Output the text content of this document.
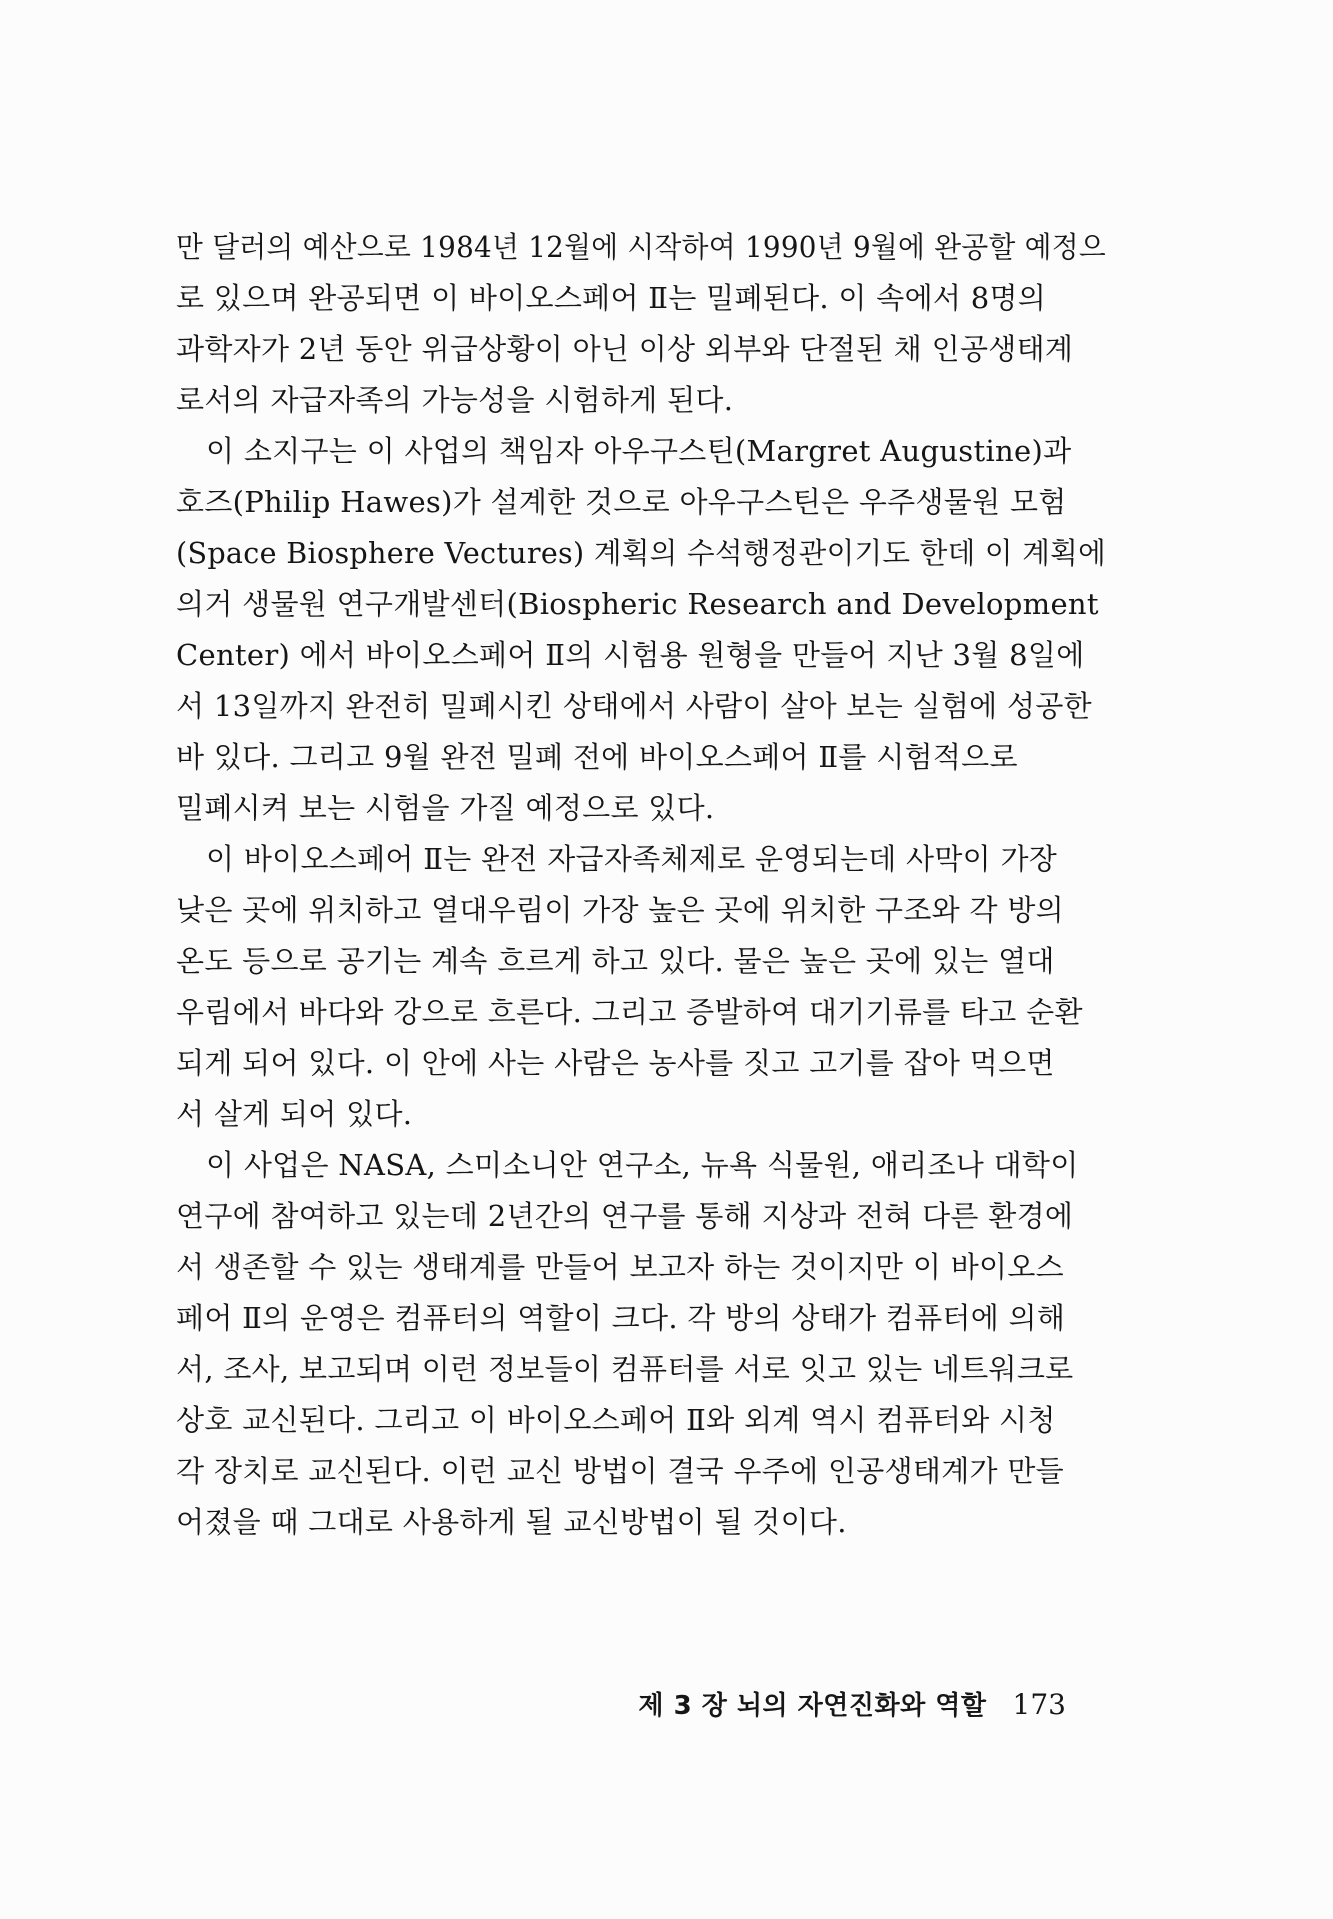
만 달러의 예산으로 1984년 12월에 시작하여 1990년 9월에 완공할 예정으
로 있으며 완공되면 이 바이오스페어 Ⅱ는 밀폐된다. 이 속에서 8명의
과학자가 2년 동안 위급상황이 아닌 이상 외부와 단절된 채 인공생태계
로서의 자급자족의 가능성을 시험하게 된다.
이 소지구는 이 사업의 책임자 아우구스틴(Margret Augustine)과
호즈(Philip Hawes)가 설계한 것으로 아우구스틴은 우주생물원 모험
(Space Biosphere Vectures) 계획의 수석행정관이기도 한데 이 계획에
의거 생물원 연구개발센터(Biospheric Research and Development
Center) 에서 바이오스페어 Ⅱ의 시험용 원형을 만들어 지난 3월 8일에
서 13일까지 완전히 밀폐시킨 상태에서 사람이 살아 보는 실험에 성공한
바 있다. 그리고 9월 완전 밀폐 전에 바이오스페어 Ⅱ를 시험적으로
밀폐시켜 보는 시험을 가질 예정으로 있다.
이 바이오스페어 Ⅱ는 완전 자급자족체제로 운영되는데 사막이 가장
낮은 곳에 위치하고 열대우림이 가장 높은 곳에 위치한 구조와 각 방의
온도 등으로 공기는 계속 흐르게 하고 있다. 물은 높은 곳에 있는 열대
우림에서 바다와 강으로 흐른다. 그리고 증발하여 대기기류를 타고 순환
되게 되어 있다. 이 안에 사는 사람은 농사를 짓고 고기를 잡아 먹으면
서 살게 되어 있다.
이 사업은 NASA, 스미소니안 연구소, 뉴욕 식물원, 애리조나 대학이
연구에 참여하고 있는데 2년간의 연구를 통해 지상과 전혀 다른 환경에
서 생존할 수 있는 생태계를 만들어 보고자 하는 것이지만 이 바이오스
페어 Ⅱ의 운영은 컴퓨터의 역할이 크다. 각 방의 상태가 컴퓨터에 의해
서, 조사, 보고되며 이런 정보들이 컴퓨터를 서로 잇고 있는 네트워크로
상호 교신된다. 그리고 이 바이오스페어 Ⅱ와 외계 역시 컴퓨터와 시청
각 장치로 교신된다. 이런 교신 방법이 결국 우주에 인공생태계가 만들
어졌을 때 그대로 사용하게 될 교신방법이 될 것이다.
제 3 장 뇌의 자연진화와 역할 173
